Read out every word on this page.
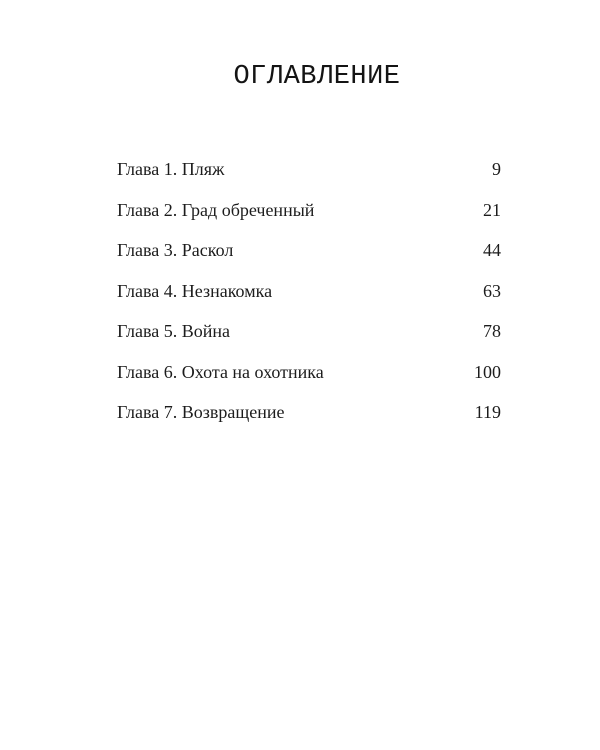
ОГЛАВЛЕНИЕ
Глава 1. Пляж	9
Глава 2. Град обреченный	21
Глава 3. Раскол	44
Глава 4. Незнакомка	63
Глава 5. Война	78
Глава 6. Охота на охотника	100
Глава 7. Возвращение	119
